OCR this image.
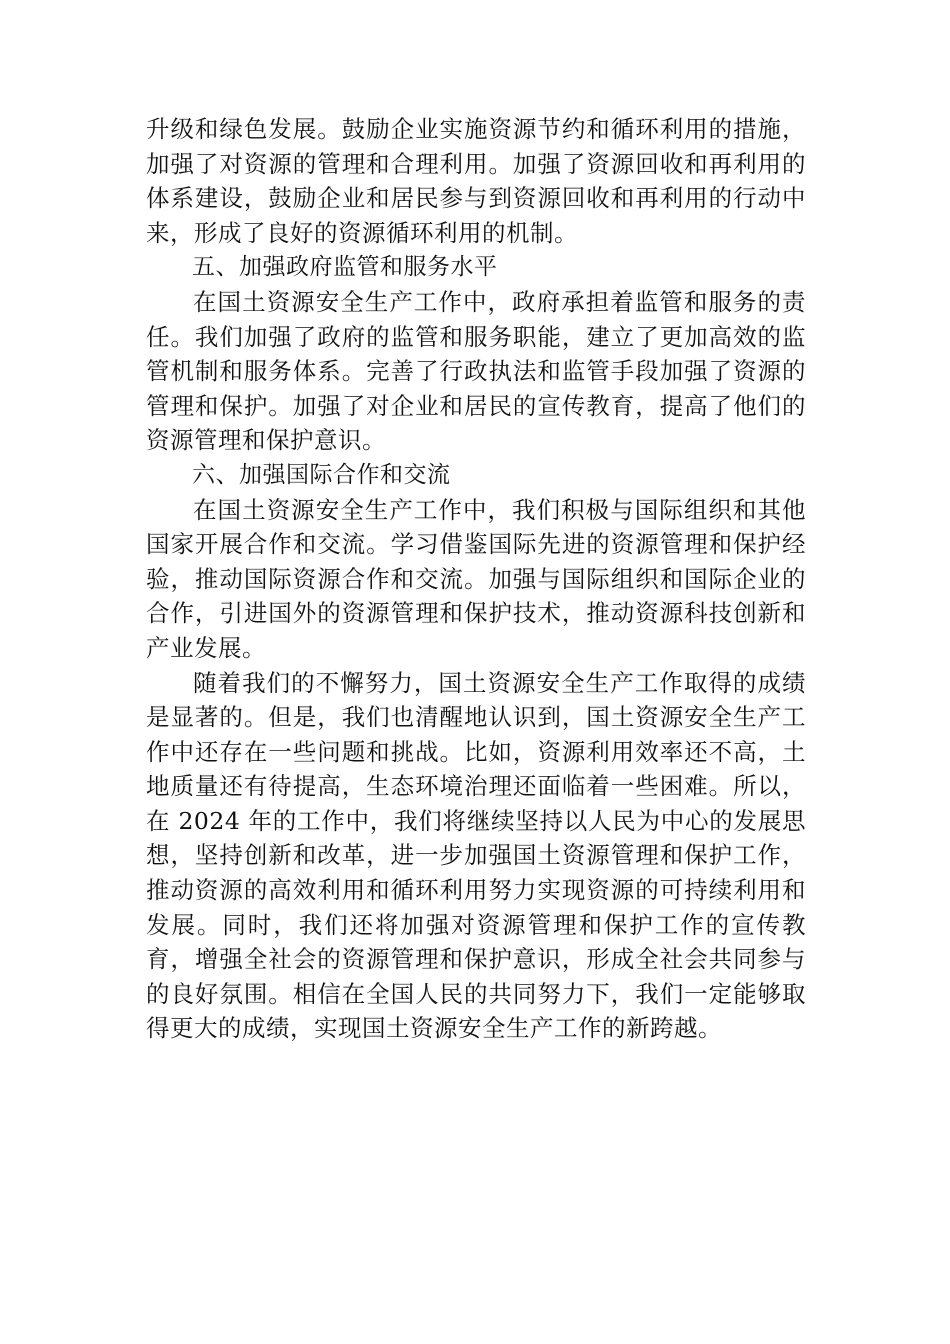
升级和绿色发展。鼓励企业实施资源节约和循环利用的措施，加强了对资源的管理和合理利用。加强了资源回收和再利用的体系建设，鼓励企业和居民参与到资源回收和再利用的行动中来，形成了良好的资源循环利用的机制。

五、加强政府监管和服务水平

在国土资源安全生产工作中，政府承担着监管和服务的责任。我们加强了政府的监管和服务职能，建立了更加高效的监管机制和服务体系。完善了行政执法和监管手段加强了资源的管理和保护。加强了对企业和居民的宣传教育，提高了他们的资源管理和保护意识。

六、加强国际合作和交流

在国土资源安全生产工作中，我们积极与国际组织和其他国家开展合作和交流。学习借鉴国际先进的资源管理和保护经验，推动国际资源合作和交流。加强与国际组织和国际企业的合作，引进国外的资源管理和保护技术，推动资源科技创新和产业发展。

随着我们的不懈努力，国土资源安全生产工作取得的成绩是显著的。但是，我们也清醒地认识到，国土资源安全生产工作中还存在一些问题和挑战。比如，资源利用效率还不高，土地质量还有待提高，生态环境治理还面临着一些困难。所以，在 2024 年的工作中，我们将继续坚持以人民为中心的发展思想，坚持创新和改革，进一步加强国土资源管理和保护工作，推动资源的高效利用和循环利用努力实现资源的可持续利用和发展。同时，我们还将加强对资源管理和保护工作的宣传教育，增强全社会的资源管理和保护意识，形成全社会共同参与的良好氛围。相信在全国人民的共同努力下，我们一定能够取得更大的成绩，实现国土资源安全生产工作的新跨越。
